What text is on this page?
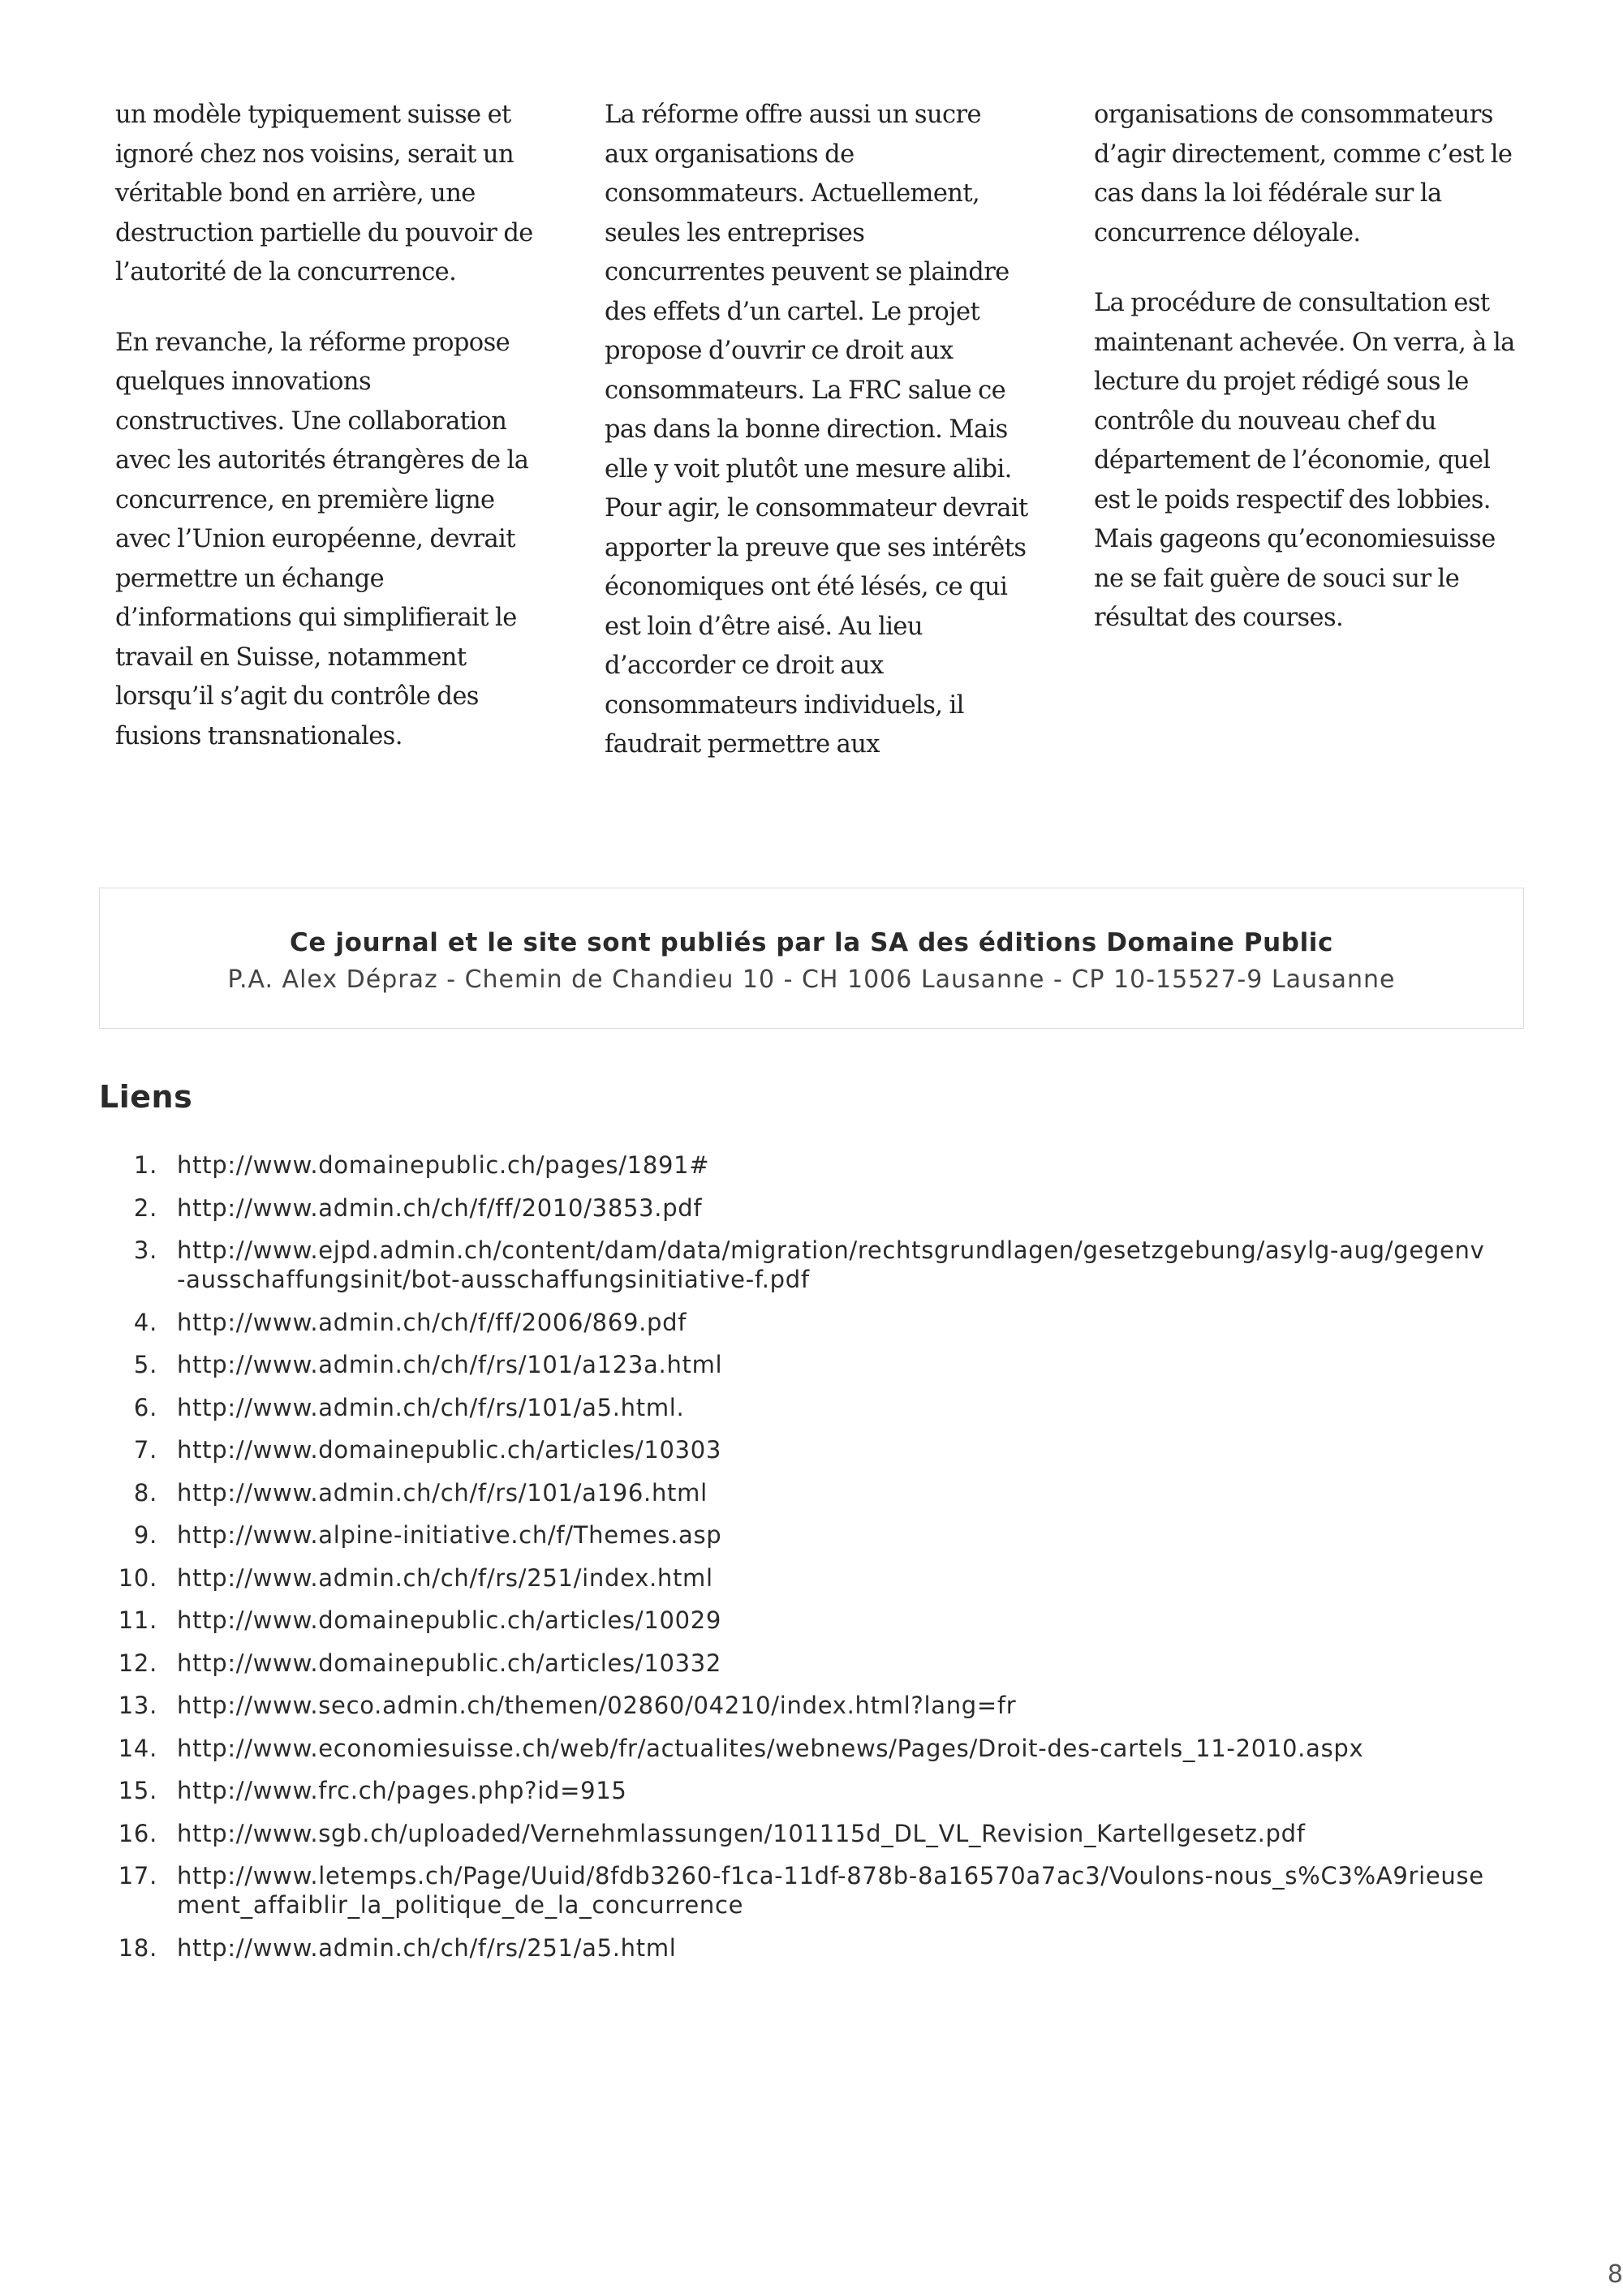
un modèle typiquement suisse et ignoré chez nos voisins, serait un véritable bond en arrière, une destruction partielle du pouvoir de l’autorité de la concurrence.

En revanche, la réforme propose quelques innovations constructives. Une collaboration avec les autorités étrangères de la concurrence, en première ligne avec l’Union européenne, devrait permettre un échange d’informations qui simplifierait le travail en Suisse, notamment lorsqu’il s’agit du contrôle des fusions transnationales.

La réforme offre aussi un sucre aux organisations de consommateurs. Actuellement, seules les entreprises concurrentes peuvent se plaindre des effets d’un cartel. Le projet propose d’ouvrir ce droit aux consommateurs. La FRC salue ce pas dans la bonne direction. Mais elle y voit plutôt une mesure alibi. Pour agir, le consommateur devrait apporter la preuve que ses intérêts économiques ont été lésés, ce qui est loin d’être aisé. Au lieu d’accorder ce droit aux consommateurs individuels, il faudrait permettre aux

organisations de consommateurs d’agir directement, comme c’est le cas dans la loi fédérale sur la concurrence déloyale.

La procédure de consultation est maintenant achevée. On verra, à la lecture du projet rédigé sous le contrôle du nouveau chef du département de l’économie, quel est le poids respectif des lobbies. Mais gageons qu’economiesuisse ne se fait guère de souci sur le résultat des courses.

Ce journal et le site sont publiés par la SA des éditions Domaine Public
P.A. Alex Dépraz - Chemin de Chandieu 10 - CH 1006 Lausanne - CP 10-15527-9 Lausanne
Liens
1. http://www.domainepublic.ch/pages/1891#
2. http://www.admin.ch/ch/f/ff/2010/3853.pdf
3. http://www.ejpd.admin.ch/content/dam/data/migration/rechtsgrundlagen/gesetzgebung/asylg-aug/gegenv-ausschaffungsinit/bot-ausschaffungsinitiative-f.pdf
4. http://www.admin.ch/ch/f/ff/2006/869.pdf
5. http://www.admin.ch/ch/f/rs/101/a123a.html
6. http://www.admin.ch/ch/f/rs/101/a5.html.
7. http://www.domainepublic.ch/articles/10303
8. http://www.admin.ch/ch/f/rs/101/a196.html
9. http://www.alpine-initiative.ch/f/Themes.asp
10. http://www.admin.ch/ch/f/rs/251/index.html
11. http://www.domainepublic.ch/articles/10029
12. http://www.domainepublic.ch/articles/10332
13. http://www.seco.admin.ch/themen/02860/04210/index.html?lang=fr
14. http://www.economiesuisse.ch/web/fr/actualites/webnews/Pages/Droit-des-cartels_11-2010.aspx
15. http://www.frc.ch/pages.php?id=915
16. http://www.sgb.ch/uploaded/Vernehmlassungen/101115d_DL_VL_Revision_Kartellgesetz.pdf
17. http://www.letemps.ch/Page/Uuid/8fdb3260-f1ca-11df-878b-8a16570a7ac3/Voulons-nous_s%C3%A9rieusement_affaiblir_la_politique_de_la_concurrence
18. http://www.admin.ch/ch/f/rs/251/a5.html
8
